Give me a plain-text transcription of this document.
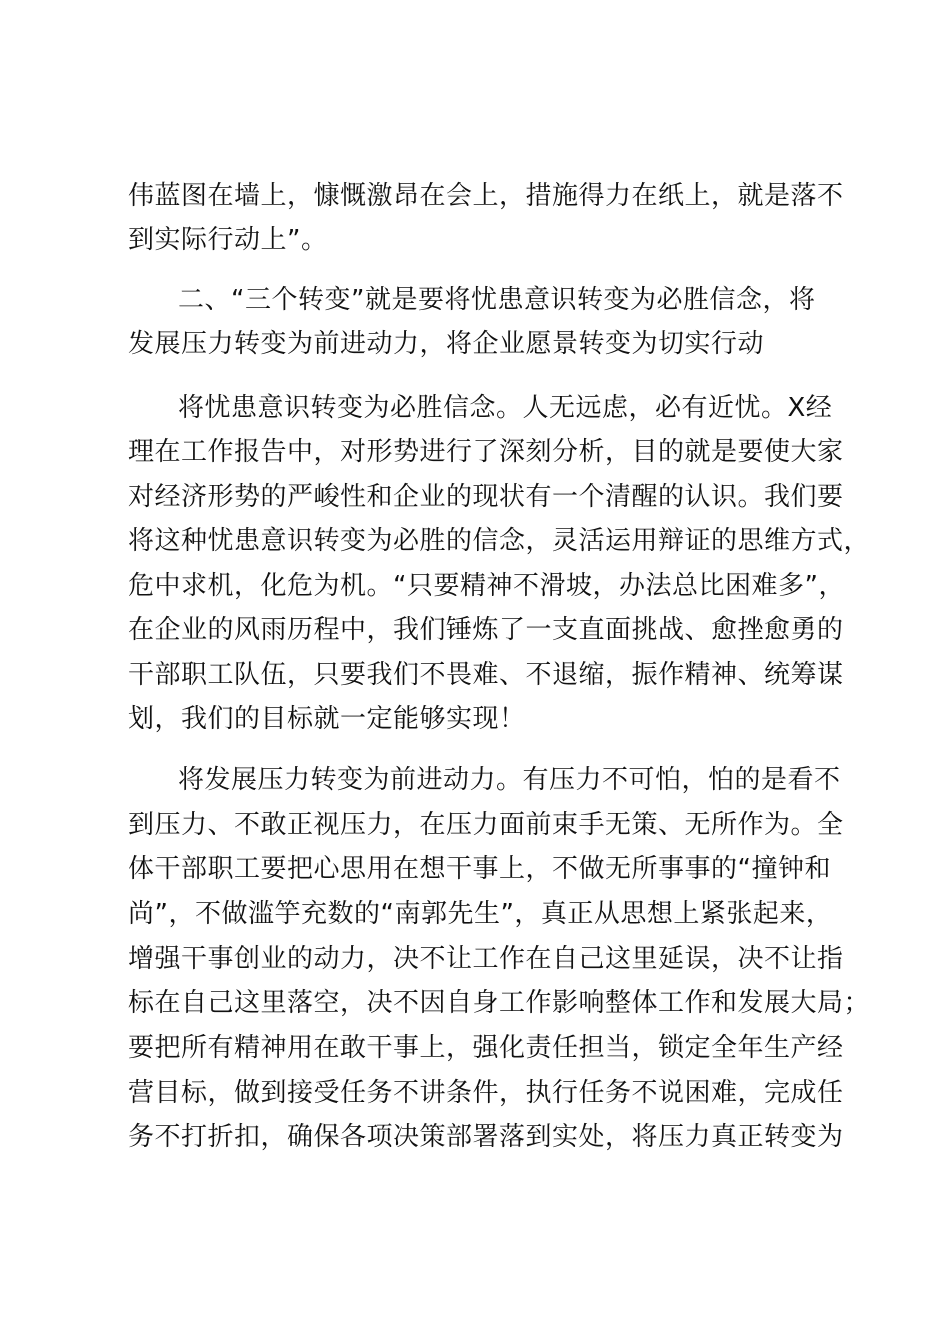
伟蓝图在墙上，慷慨激昂在会上，措施得力在纸上，就是落不
到实际行动上”。
二、“三个转变”就是要将忧患意识转变为必胜信念，将
发展压力转变为前进动力，将企业愿景转变为切实行动
将忧患意识转变为必胜信念。人无远虑，必有近忧。X经
理在工作报告中，对形势进行了深刻分析，目的就是要使大家
对经济形势的严峻性和企业的现状有一个清醒的认识。我们要
将这种忧患意识转变为必胜的信念，灵活运用辩证的思维方式，
危中求机，化危为机。“只要精神不滑坡，办法总比困难多”，
在企业的风雨历程中，我们锤炼了一支直面挑战、愈挫愈勇的
干部职工队伍，只要我们不畏难、不退缩，振作精神、统筹谋
划，我们的目标就一定能够实现！
将发展压力转变为前进动力。有压力不可怕，怕的是看不
到压力、不敢正视压力，在压力面前束手无策、无所作为。全
体干部职工要把心思用在想干事上，不做无所事事的“撞钟和
尚”，不做滥竽充数的“南郭先生”，真正从思想上紧张起来，
增强干事创业的动力，决不让工作在自己这里延误，决不让指
标在自己这里落空，决不因自身工作影响整体工作和发展大局；
要把所有精神用在敢干事上，强化责任担当，锁定全年生产经
营目标，做到接受任务不讲条件，执行任务不说困难，完成任
务不打折扣，确保各项决策部署落到实处，将压力真正转变为
